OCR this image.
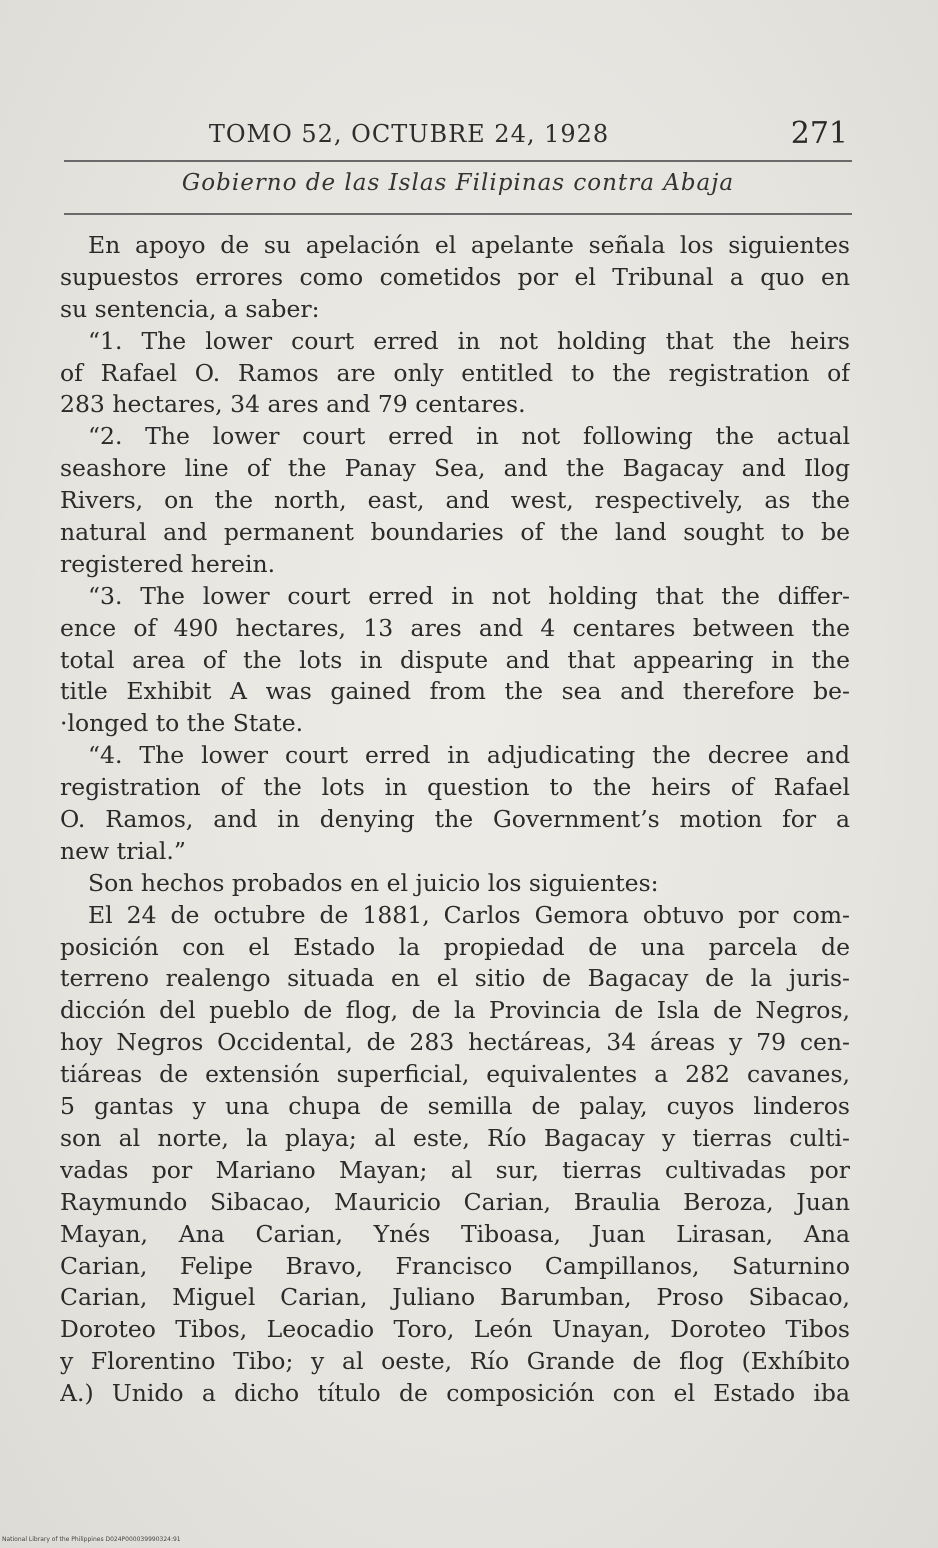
TOMO 52, OCTUBRE 24, 1928	271
Gobierno de las Islas Filipinas contra Abaja
En apoyo de su apelación el apelante señala los siguientes
supuestos errores como cometidos por el Tribunal a quo en
su sentencia, a saber:
“1. The lower court erred in not holding that the heirs
of Rafael O. Ramos are only entitled to the registration of
283 hectares, 34 ares and 79 centares.
“2. The lower court erred in not following the actual
seashore line of the Panay Sea, and the Bagacay and Ilog
Rivers, on the north, east, and west, respectively, as the
natural and permanent boundaries of the land sought to be
registered herein.
“3. The lower court erred in not holding that the differ-
ence of 490 hectares, 13 ares and 4 centares between the
total area of the lots in dispute and that appearing in the
title Exhibit A was gained from the sea and therefore be-
·longed to the State.
“4. The lower court erred in adjudicating the decree and
registration of the lots in question to the heirs of Rafael
O. Ramos, and in denying the Government’s motion for a
new trial.”
Son hechos probados en el juicio los siguientes:
El 24 de octubre de 1881, Carlos Gemora obtuvo por com-
posición con el Estado la propiedad de una parcela de
terreno realengo situada en el sitio de Bagacay de la juris-
dicción del pueblo de flog, de la Provincia de Isla de Negros,
hoy Negros Occidental, de 283 hectáreas, 34 áreas y 79 cen-
tiáreas de extensión superficial, equivalentes a 282 cavanes,
5 gantas y una chupa de semilla de palay, cuyos linderos
son al norte, la playa; al este, Río Bagacay y tierras culti-
vadas por Mariano Mayan; al sur, tierras cultivadas por
Raymundo Sibacao, Mauricio Carian, Braulia Beroza, Juan
Mayan, Ana Carian, Ynés Tiboasa, Juan Lirasan, Ana
Carian, Felipe Bravo, Francisco Campillanos, Saturnino
Carian, Miguel Carian, Juliano Barumban, Proso Sibacao,
Doroteo Tibos, Leocadio Toro, León Unayan, Doroteo Tibos
y Florentino Tibo; y al oeste, Río Grande de flog (Exhíbito
A.) Unido a dicho título de composición con el Estado iba
National Library of the Philippines D024P000039990324:91
